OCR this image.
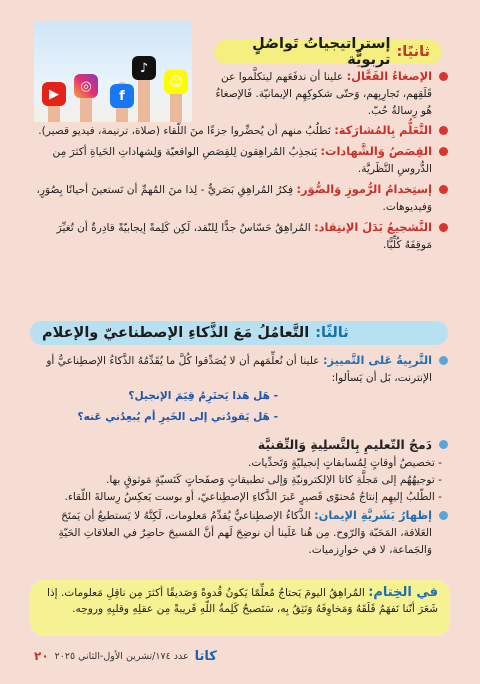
▶
◎
f
♪
☺
ثانيًا:
إستراتيجياتُ تَواصُلٍ تربويَّة
الإصغاءُ الفَعَّال: علينا أن ندفَعَهم ليتكلَّموا عن قَلَقِهم، تَجارِبِهم، وَحتّى شكوكِهِم الإيمانيّة. فَالإصغاءُ هُو رِسالةُ حُبّ.
التَّعَلُّم بِالمُشارَكة: نَطلُبُ منهم أن يُحضِّروا جزءًا منَ اللّقاء (صلاة، ترنيمة، فيديو قصير).
القِصَصُ وَالشَّهادات: يَنجذِبُ المُراهِقون لِلقِصَصِ الواقعيّة وَلِشهاداتِ الحَياةِ أكثرَ مِن الدُّروسِ النَّظَريَّة.
إستِخدامُ الرُّموزِ وَالصُّوَر: فِكرُ المُراهِقِ بَصَريٌّ - لِذا منَ المُهمِّ أن نَستعينَ أحيانًا بِصُوَرٍ، وَفيديوهات.
التَّشجيعُ بَدَلَ الإنتِقاد: المُراهِقُ حَسّاسٌ جدًّا لِلنّقد، لَكِن كَلِمةً إيجابيّةً قادِرةٌ أن تُغيِّرَ مَوقِفَهُ كُلِّيًّا.
ثالثًا:
التَّعامُلُ مَعَ الذَّكاءِ الإصطناعيّ والإعلام
التَّربِيةُ عَلى التَّمييز: علينا أن نُعلِّمَهم أن لا يُصَدِّقوا كُلَّ ما يُقَدِّمُهُ الذَّكاءُ الإصطِناعيُّ أو الإنترنت، بَل أن يَسألوا:
- هَل هَذا يَحتَرِمُ قِيَمَ الإنجيل؟
- هَل يَقودُني إلى الخَيرِ أم يُبعِدُني عَنه؟
دَمجُ التّعليمِ بِالتَّسلِيةِ وَالتِّقنيَّة
- تخصيصُ أوقاتٍ لِمُسابقاتٍ إنجيليّةٍ وَتَحدِّيات.
- توجيهُهُم إلى مَجلَّةِ كاتا الإلكترونيّةِ وَإلى تطبيقاتٍ وَصفَحاتٍ كَنَسيّةٍ مَوثوقٍ بها.
- الطّلبُ إليهِم إنتاجُ مُحتوًى قَصيرٍ عَبرَ الذَّكاءِ الإصطِناعيّ، أو بوست يَعكِسُ رِسالةَ اللّقاء.
إظهارُ بَشَريَّةِ الإيمان: الذَّكاءُ الإصطِناعيُّ يُقدِّمُ مَعلومات، لَكِنَّهُ لا يَستطيعُ أن يَمنَحَ العَلاقة، المَحَبّة وَالرّوح. مِن هُنا عَلَينا أن نوضِحَ لَهم أنَّ المَسيحَ حاضِرٌ في العلاقاتِ الحَيّةِ وَالجَماعة، لا في خوارِزميات.
في الخِتام: المُراهِقُ اليومَ يَحتاجُ مُعلِّمًا يَكونُ قُدوةً وَصَديقًا أكثرَ مِن ناقِلِ مَعلومات. إذا شَعَرَ أنّنا نَفهَمُ قَلَقَهُ وَمَخاوِفَهُ وَنَثِقُ بِه، سَتَصبحُ كَلِمةُ اللّهِ قَريبةً مِن عقلِهِ وقلبِهِ وروحِه.
كاتا
عدد ١٧٤/تشرين الأول-الثاني ٢٠٢٥
٢٠
